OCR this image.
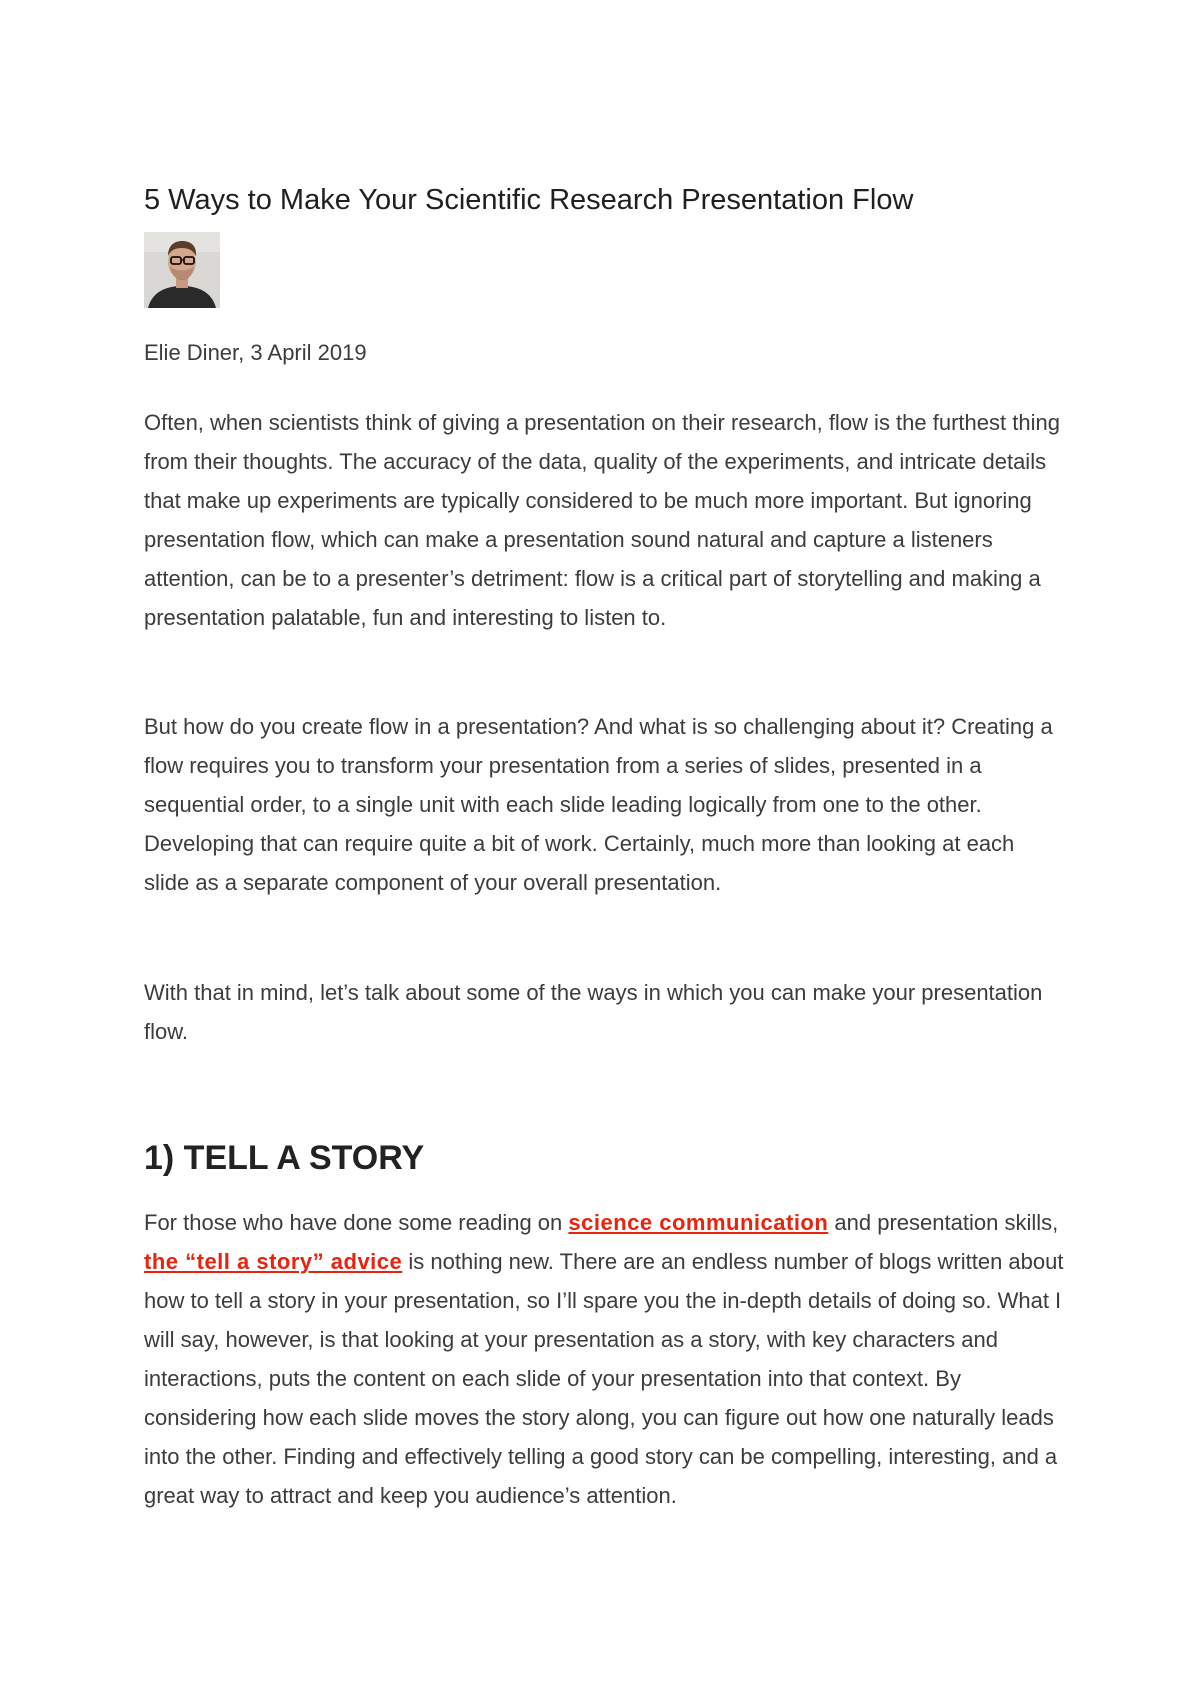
5 Ways to Make Your Scientific Research Presentation Flow

Elie Diner, 3 April 2019

Often, when scientists think of giving a presentation on their research, flow is the furthest thing from their thoughts. The accuracy of the data, quality of the experiments, and intricate details that make up experiments are typically considered to be much more important. But ignoring presentation flow, which can make a presentation sound natural and capture a listeners attention, can be to a presenter’s detriment: flow is a critical part of storytelling and making a presentation palatable, fun and interesting to listen to.

But how do you create flow in a presentation? And what is so challenging about it? Creating a flow requires you to transform your presentation from a series of slides, presented in a sequential order, to a single unit with each slide leading logically from one to the other. Developing that can require quite a bit of work. Certainly, much more than looking at each slide as a separate component of your overall presentation.

With that in mind, let’s talk about some of the ways in which you can make your presentation flow.

1) TELL A STORY

For those who have done some reading on science communication and presentation skills, the “tell a story” advice is nothing new. There are an endless number of blogs written about how to tell a story in your presentation, so I’ll spare you the in-depth details of doing so. What I will say, however, is that looking at your presentation as a story, with key characters and interactions, puts the content on each slide of your presentation into that context. By considering how each slide moves the story along, you can figure out how one naturally leads into the other. Finding and effectively telling a good story can be compelling, interesting, and a great way to attract and keep you audience’s attention.
